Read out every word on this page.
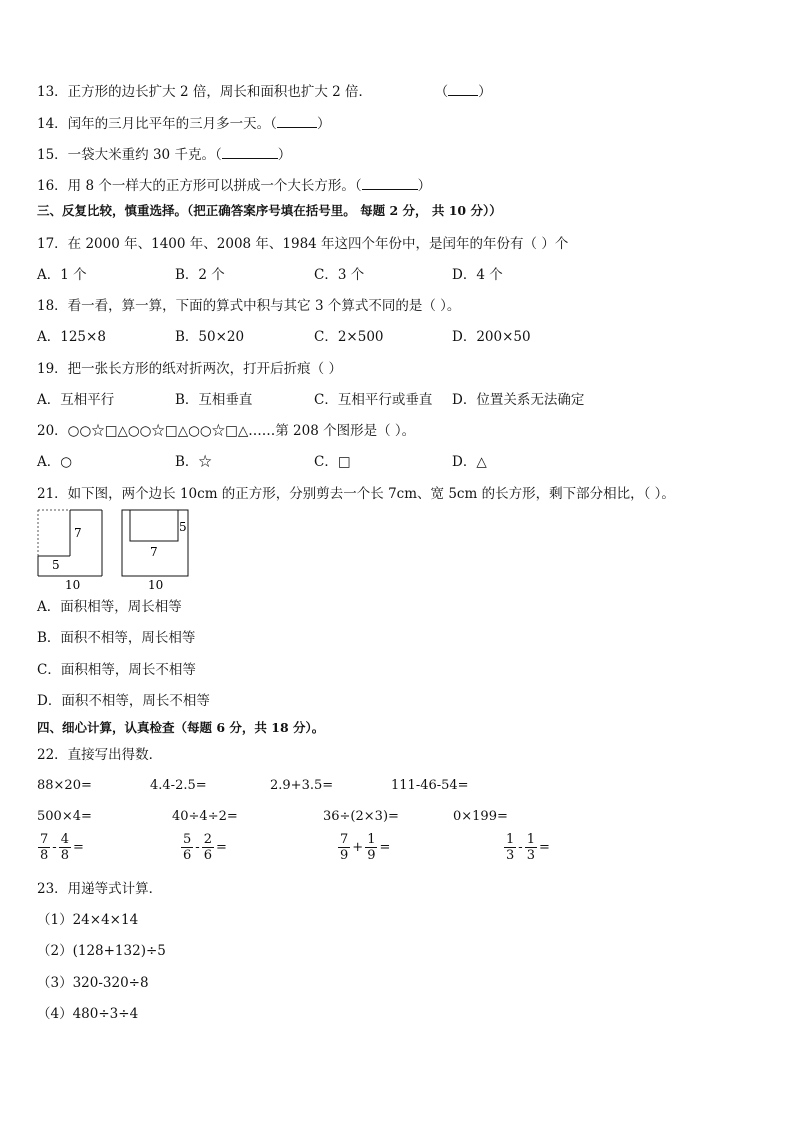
13．正方形的边长扩大 2 倍，周长和面积也扩大 2 倍．	（ ）
14．闰年的三月比平年的三月多一天。（	）
15．一袋大米重约 30 千克。（	）
16．用 8 个一样大的正方形可以拼成一个大长方形。（	）
三、反复比较，慎重选择。（把正确答案序号填在括号里。 每题 2 分， 共 10 分））
17．在 2000 年、1400 年、2008 年、1984 年这四个年份中，是闰年的年份有（ ）个
A．1 个	B．2 个	C．3 个	D．4 个
18．看一看，算一算，下面的算式中积与其它 3 个算式不同的是（ ）。
A．125×8	B．50×20	C．2×500	D．200×50
19．把一张长方形的纸对折两次，打开后折痕（ ）
A．互相平行	B．互相垂直	C．互相平行或垂直 D．位置关系无法确定
20．○○☆□△○○☆□△○○☆□△……第 208 个图形是（ ）。
A．○	B．☆	C．□	D．△
21．如下图，两个边长 10cm 的正方形，分别剪去一个长 7cm、宽 5cm 的长方形，剩下部分相比，（ ）。
7
5
10
5
7
10
A．面积相等，周长相等
B．面积不相等，周长相等
C．面积相等，周长不相等
D．面积不相等，周长不相等
四、细心计算，认真检查（每题 6 分，共 18 分）。
22．直接写出得数．
88×20=	4.4-2.5=	2.9+3.5=	111-46-54=
500×4=	40÷4÷2=	36÷(2×3)=	0×199=
$\frac{7}{8} - \frac{4}{8}$ =	$\frac{5}{6} - \frac{2}{6}$ =	$\frac{7}{9} + \frac{1}{9}$ =	$\frac{1}{3} - \frac{1}{3}$ =
23．用递等式计算．
（1）24×4×14
（2）(128+132)÷5
（3）320-320÷8
（4）480÷3÷4
